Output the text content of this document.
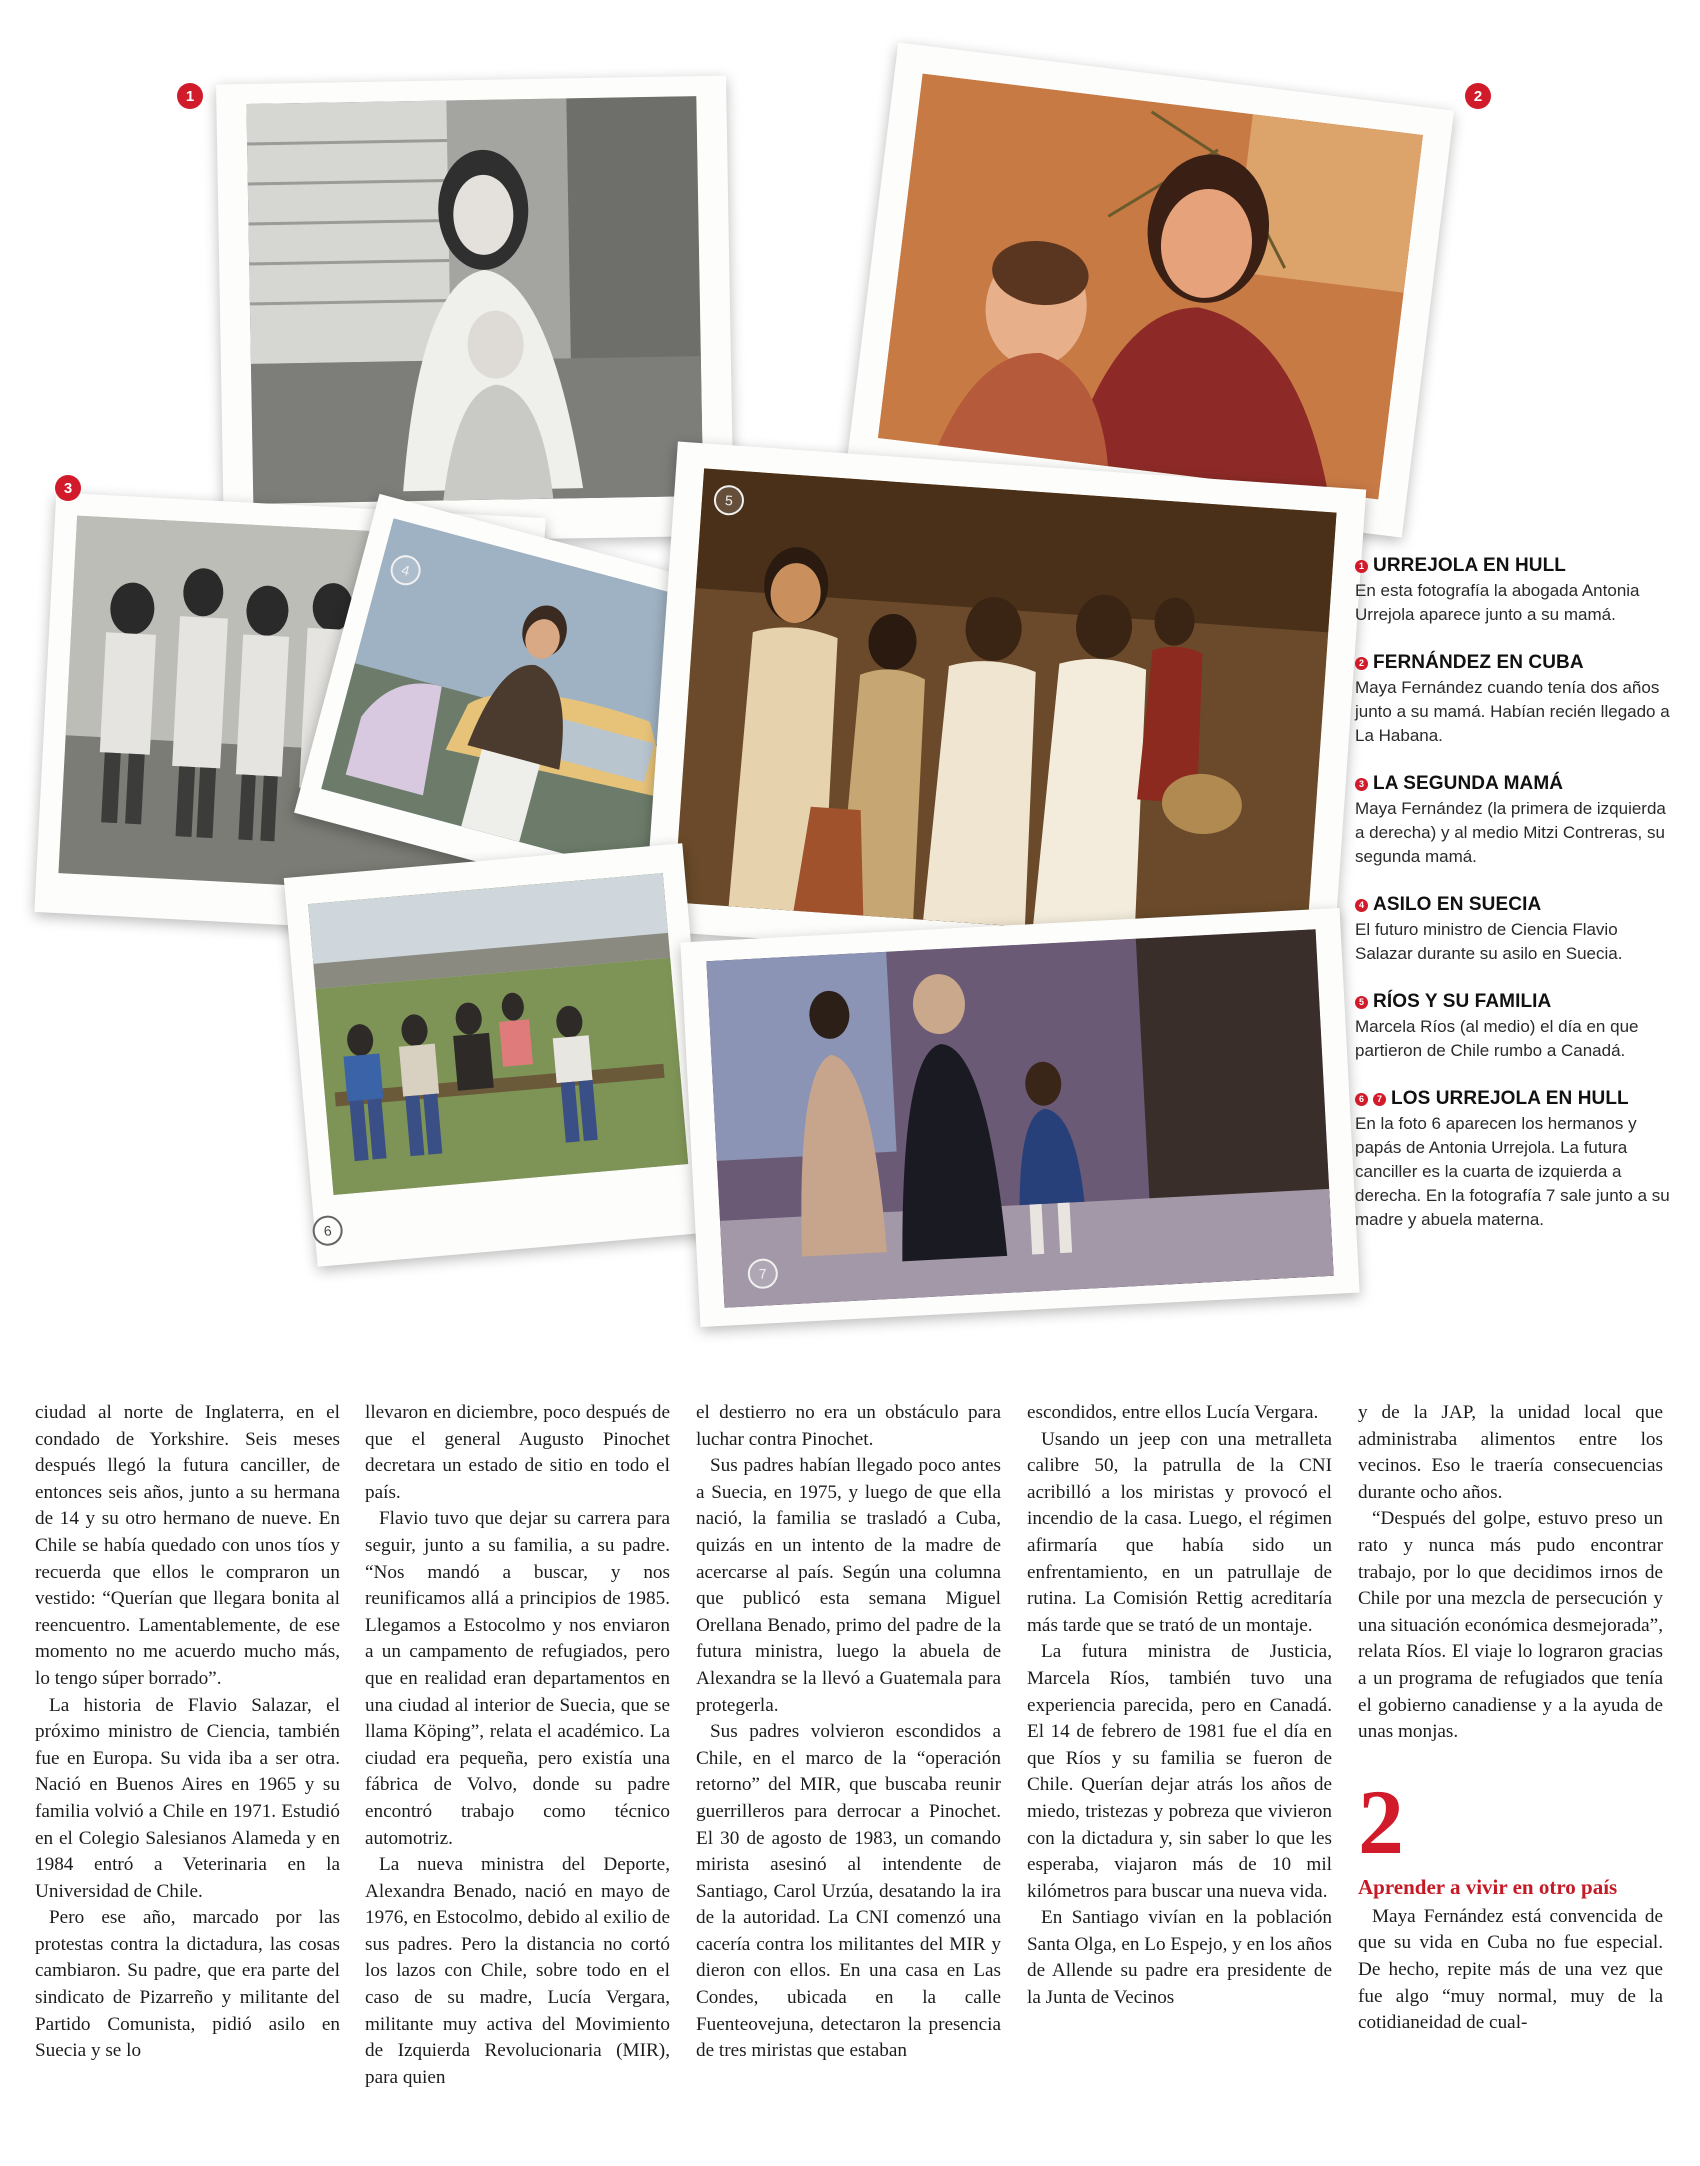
1	2
3
4
5
6
7
1 URREJOLA EN HULL
En esta fotografía la abogada Antonia Urrejola aparece junto a su mamá.
2 FERNÁNDEZ EN CUBA
Maya Fernández cuando tenía dos años junto a su mamá. Habían recién llegado a La Habana.
3 LA SEGUNDA MAMÁ
Maya Fernández (la primera de izquierda a derecha) y al medio Mitzi Contreras, su segunda mamá.
4 ASILO EN SUECIA
El futuro ministro de Ciencia Flavio Salazar durante su asilo en Suecia.
5 RÍOS Y SU FAMILIA
Marcela Ríos (al medio) el día en que partieron de Chile rumbo a Canadá.
6	7 LOS URREJOLA EN HULL
En la foto 6 aparecen los hermanos y papás de Antonia Urrejola. La futura canciller es la cuarta de izquierda a derecha. En la fotografía 7 sale junto a su madre y abuela materna.

ciudad al norte de Inglaterra, en el condado de Yorkshire. Seis meses después llegó la futura canciller, de entonces seis años, junto a su hermana de 14 y su otro hermano de nueve. En Chile se había quedado con unos tíos y recuerda que ellos le compraron un vestido: “Querían que llegara bonita al reencuentro. Lamentablemente, de ese momento no me acuerdo mucho más, lo tengo súper borrado”.

La historia de Flavio Salazar, el próximo ministro de Ciencia, también fue en Europa. Su vida iba a ser otra. Nació en Buenos Aires en 1965 y su familia volvió a Chile en 1971. Estudió en el Colegio Salesianos Alameda y en 1984 entró a Veterinaria en la Universidad de Chile.

Pero ese año, marcado por las protestas contra la dictadura, las cosas cambiaron. Su padre, que era parte del sindicato de Pizarreño y militante del Partido Comunista, pidió asilo en Suecia y se lo

llevaron en diciembre, poco después de que el general Augusto Pinochet decretara un estado de sitio en todo el país.

Flavio tuvo que dejar su carrera para seguir, junto a su familia, a su padre. “Nos mandó a buscar, y nos reunificamos allá a principios de 1985. Llegamos a Estocolmo y nos enviaron a un campamento de refugiados, pero que en realidad eran departamentos en una ciudad al interior de Suecia, que se llama Köping”, relata el académico. La ciudad era pequeña, pero existía una fábrica de Volvo, donde su padre encontró trabajo como técnico automotriz.

La nueva ministra del Deporte, Alexandra Benado, nació en mayo de 1976, en Estocolmo, debido al exilio de sus padres. Pero la distancia no cortó los lazos con Chile, sobre todo en el caso de su madre, Lucía Vergara, militante muy activa del Movimiento de Izquierda Revolucionaria (MIR), para quien

el destierro no era un obstáculo para luchar contra Pinochet.

Sus padres habían llegado poco antes a Suecia, en 1975, y luego de que ella nació, la familia se trasladó a Cuba, quizás en un intento de la madre de acercarse al país. Según una columna que publicó esta semana Miguel Orellana Benado, primo del padre de la futura ministra, luego la abuela de Alexandra se la llevó a Guatemala para protegerla.

Sus padres volvieron escondidos a Chile, en el marco de la “operación retorno” del MIR, que buscaba reunir guerrilleros para derrocar a Pinochet. El 30 de agosto de 1983, un comando mirista asesinó al intendente de Santiago, Carol Urzúa, desatando la ira de la autoridad. La CNI comenzó una cacería contra los militantes del MIR y dieron con ellos. En una casa en Las Condes, ubicada en la calle Fuenteovejuna, detectaron la presencia de tres miristas que estaban

escondidos, entre ellos Lucía Vergara.

Usando un jeep con una metralleta calibre 50, la patrulla de la CNI acribilló a los miristas y provocó el incendio de la casa. Luego, el régimen afirmaría que había sido un enfrentamiento, en un patrullaje de rutina. La Comisión Rettig acreditaría más tarde que se trató de un montaje.

La futura ministra de Justicia, Marcela Ríos, también tuvo una experiencia parecida, pero en Canadá. El 14 de febrero de 1981 fue el día en que Ríos y su familia se fueron de Chile. Querían dejar atrás los años de miedo, tristezas y pobreza que vivieron con la dictadura y, sin saber lo que les esperaba, viajaron más de 10 mil kilómetros para buscar una nueva vida.

En Santiago vivían en la población Santa Olga, en Lo Espejo, y en los años de Allende su padre era presidente de la Junta de Vecinos

y de la JAP, la unidad local que administraba alimentos entre los vecinos. Eso le traería consecuencias durante ocho años.

“Después del golpe, estuvo preso un rato y nunca más pudo encontrar trabajo, por lo que decidimos irnos de Chile por una mezcla de persecución y una situación económica desmejorada”, relata Ríos. El viaje lo lograron gracias a un programa de refugiados que tenía el gobierno canadiense y a la ayuda de unas monjas.

2
Aprender a vivir en otro país

Maya Fernández está convencida de que su vida en Cuba no fue especial. De hecho, repite más de una vez que fue algo “muy normal, muy de la cotidianeidad de cual-
